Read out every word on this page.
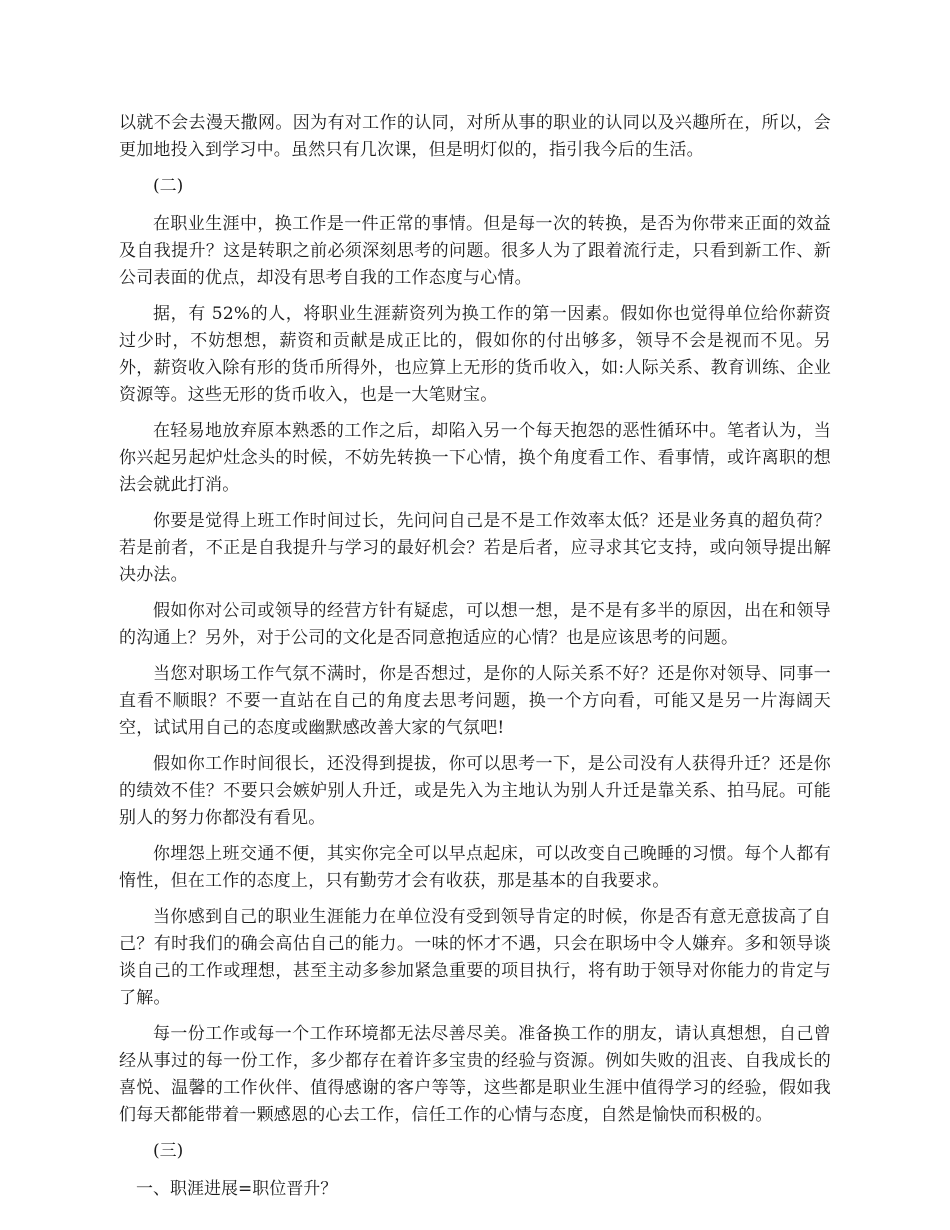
以就不会去漫天撒网。因为有对工作的认同，对所从事的职业的认同以及兴趣所在，所以，会更加地投入到学习中。虽然只有几次课，但是明灯似的，指引我今后的生活。

(二)

在职业生涯中，换工作是一件正常的事情。但是每一次的转换，是否为你带来正面的效益及自我提升？这是转职之前必须深刻思考的问题。很多人为了跟着流行走，只看到新工作、新公司表面的优点，却没有思考自我的工作态度与心情。

据，有 52%的人，将职业生涯薪资列为换工作的第一因素。假如你也觉得单位给你薪资过少时，不妨想想，薪资和贡献是成正比的，假如你的付出够多，领导不会是视而不见。另外，薪资收入除有形的货币所得外，也应算上无形的货币收入，如:人际关系、教育训练、企业资源等。这些无形的货币收入，也是一大笔财宝。

在轻易地放弃原本熟悉的工作之后，却陷入另一个每天抱怨的恶性循环中。笔者认为，当你兴起另起炉灶念头的时候，不妨先转换一下心情，换个角度看工作、看事情，或许离职的想法会就此打消。

你要是觉得上班工作时间过长，先问问自己是不是工作效率太低？还是业务真的超负荷？若是前者，不正是自我提升与学习的最好机会？若是后者，应寻求其它支持，或向领导提出解决办法。

假如你对公司或领导的经营方针有疑虑，可以想一想，是不是有多半的原因，出在和领导的沟通上？另外，对于公司的文化是否同意抱适应的心情？也是应该思考的问题。

当您对职场工作气氛不满时，你是否想过，是你的人际关系不好？还是你对领导、同事一直看不顺眼？不要一直站在自己的角度去思考问题，换一个方向看，可能又是另一片海阔天空，试试用自己的态度或幽默感改善大家的气氛吧!

假如你工作时间很长，还没得到提拔，你可以思考一下，是公司没有人获得升迁？还是你的绩效不佳？不要只会嫉妒别人升迁，或是先入为主地认为别人升迁是靠关系、拍马屁。可能别人的努力你都没有看见。

你埋怨上班交通不便，其实你完全可以早点起床，可以改变自己晚睡的习惯。每个人都有惰性，但在工作的态度上，只有勤劳才会有收获，那是基本的自我要求。

当你感到自己的职业生涯能力在单位没有受到领导肯定的时候，你是否有意无意拔高了自己？有时我们的确会高估自己的能力。一味的怀才不遇，只会在职场中令人嫌弃。多和领导谈谈自己的工作或理想，甚至主动多参加紧急重要的项目执行，将有助于领导对你能力的肯定与了解。

每一份工作或每一个工作环境都无法尽善尽美。准备换工作的朋友，请认真想想，自己曾经从事过的每一份工作，多少都存在着许多宝贵的经验与资源。例如失败的沮丧、自我成长的喜悦、温馨的工作伙伴、值得感谢的客户等等，这些都是职业生涯中值得学习的经验，假如我们每天都能带着一颗感恩的心去工作，信任工作的心情与态度，自然是愉快而积极的。

(三)

一、职涯进展=职位晋升？
